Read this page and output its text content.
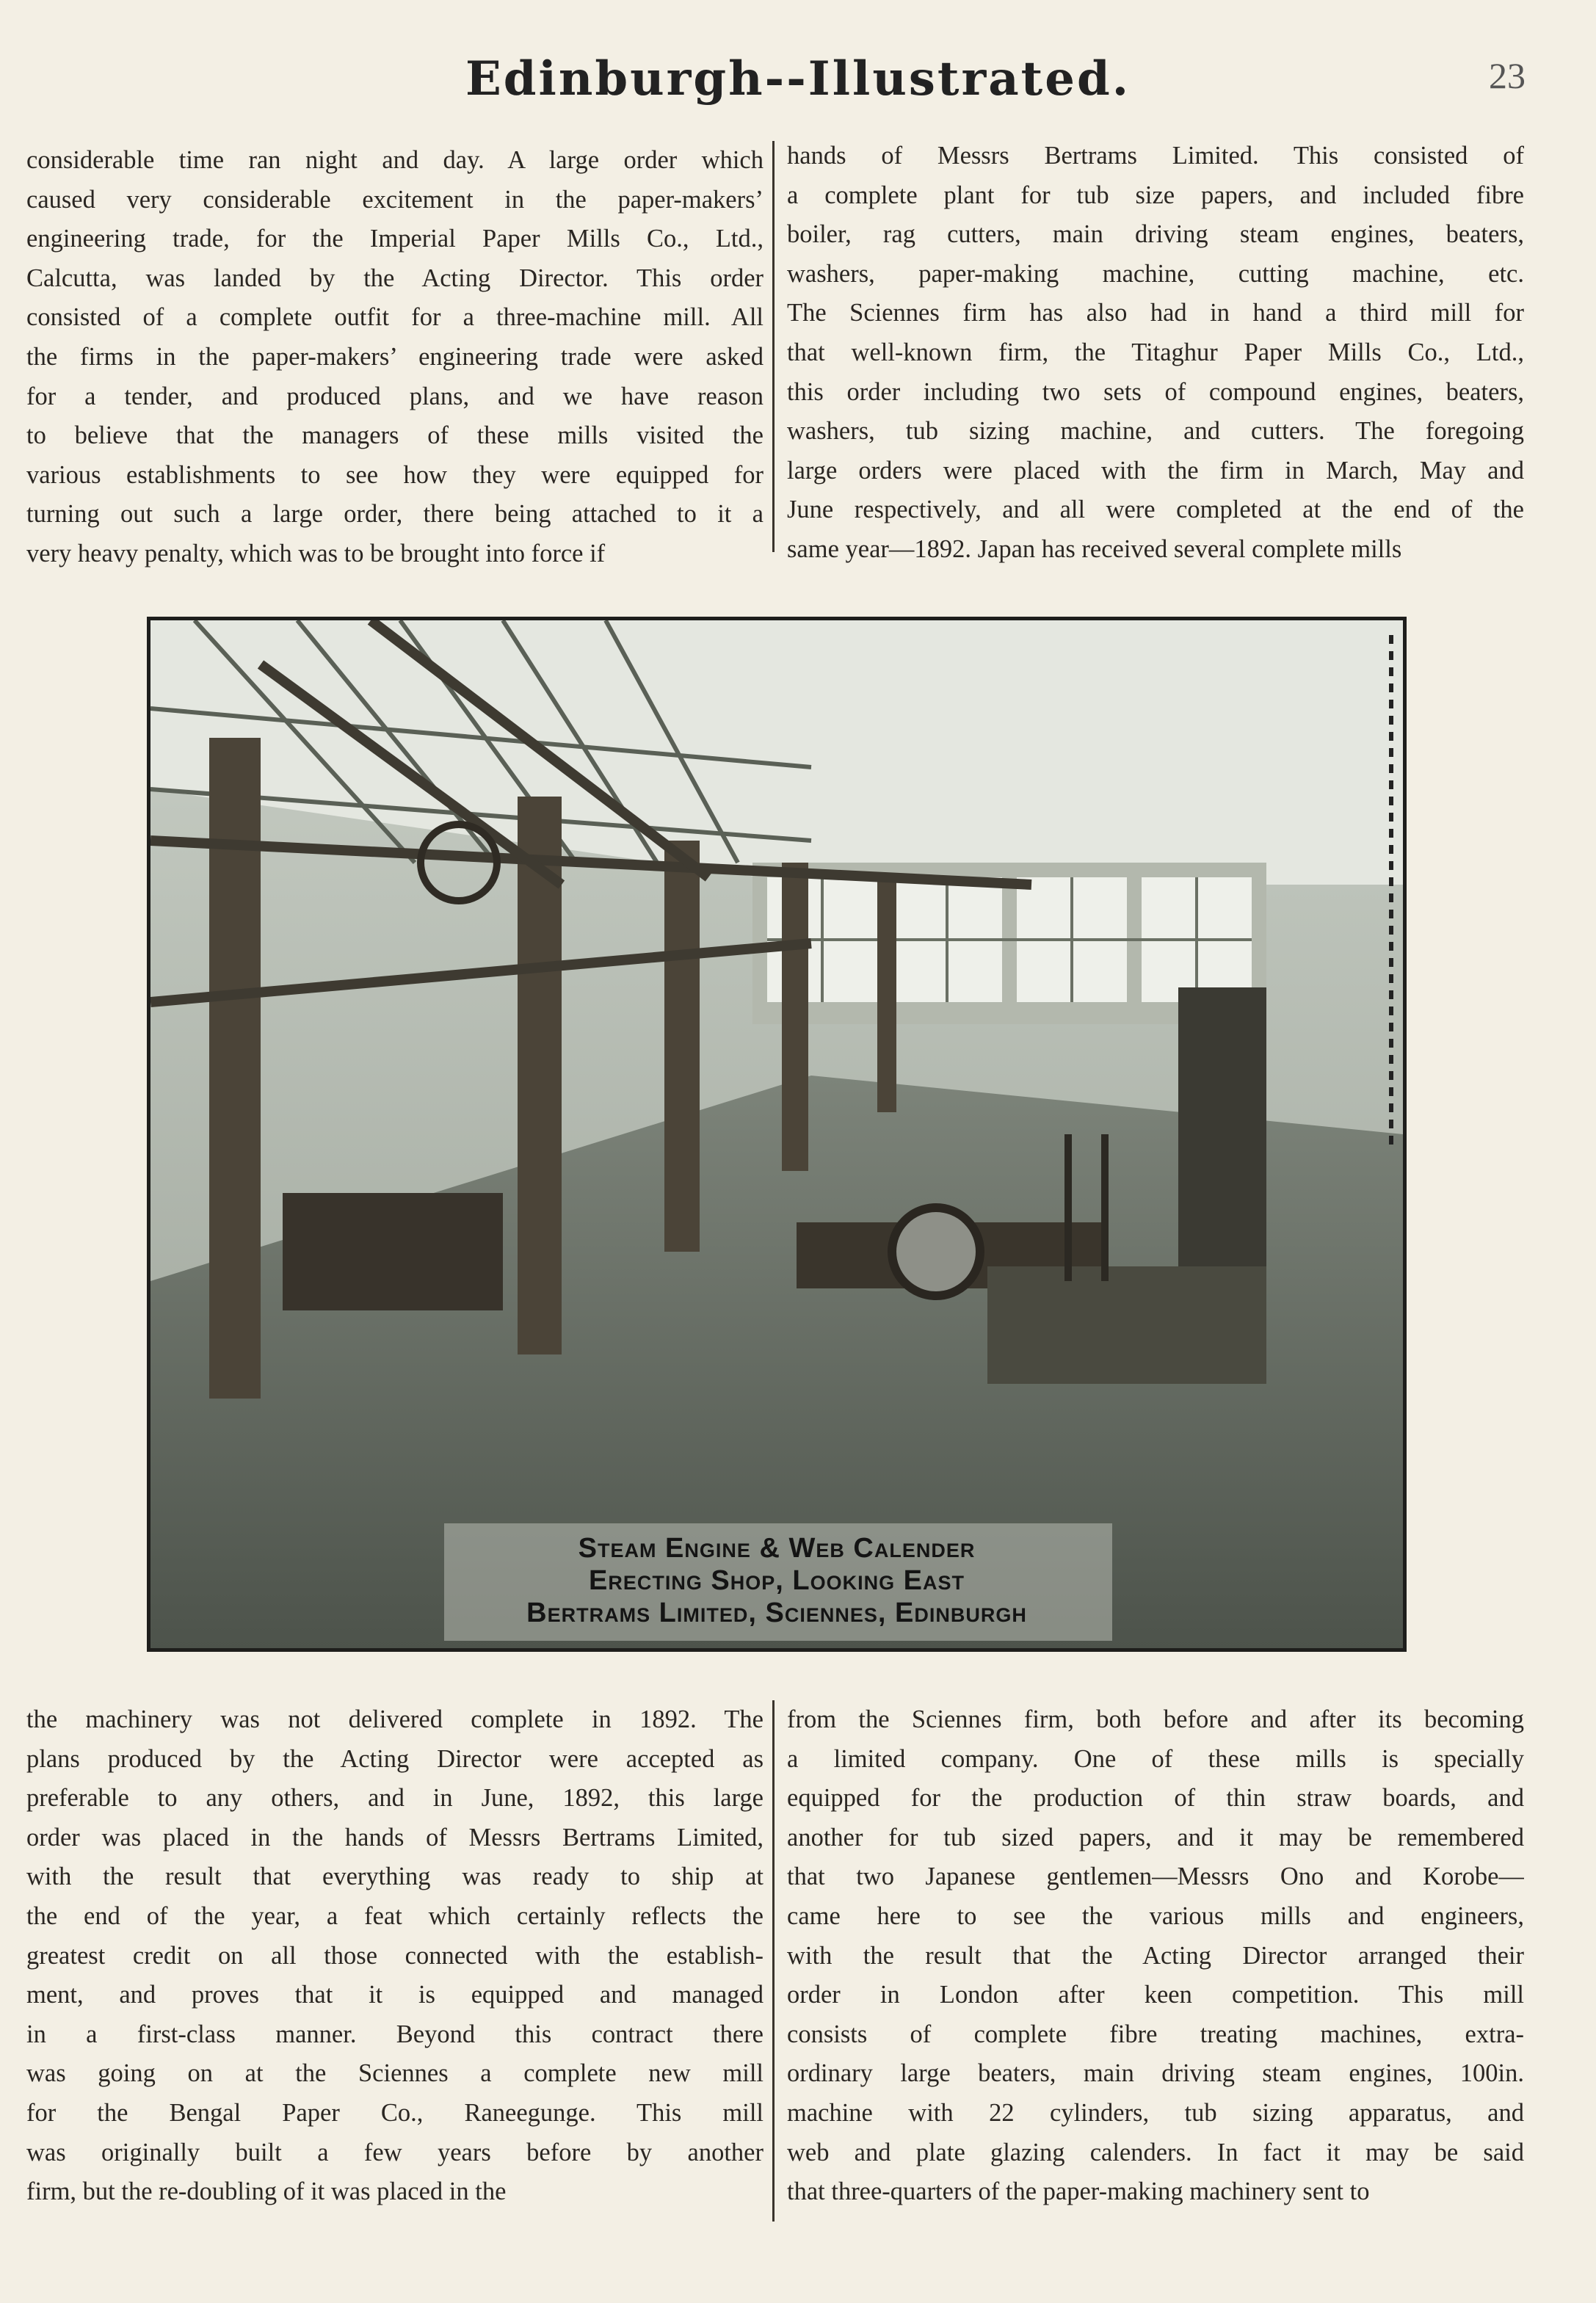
Edinburgh--Illustrated.	23
considerable time ran night and day. A large order which
caused very considerable excitement in the paper-makers’
engineering trade, for the Imperial Paper Mills Co., Ltd.,
Calcutta, was landed by the Acting Director. This order
consisted of a complete outfit for a three-machine mill. All
the firms in the paper-makers’ engineering trade were asked
for a tender, and produced plans, and we have reason
to believe that the managers of these mills visited the
various establishments to see how they were equipped for
turning out such a large order, there being attached to it a
very heavy penalty, which was to be brought into force if
hands of Messrs Bertrams Limited. This consisted of
a complete plant for tub size papers, and included fibre
boiler, rag cutters, main driving steam engines, beaters,
washers, paper-making machine, cutting machine, etc.
The Sciennes firm has also had in hand a third mill for
that well-known firm, the Titaghur Paper Mills Co., Ltd.,
this order including two sets of compound engines, beaters,
washers, tub sizing machine, and cutters. The foregoing
large orders were placed with the firm in March, May and
June respectively, and all were completed at the end of the
same year—1892. Japan has received several complete mills
Steam Engine & Web Calender
Erecting Shop, Looking East
Bertrams Limited, Sciennes, Edinburgh
the machinery was not delivered complete in 1892. The
plans produced by the Acting Director were accepted as
preferable to any others, and in June, 1892, this large
order was placed in the hands of Messrs Bertrams Limited,
with the result that everything was ready to ship at
the end of the year, a feat which certainly reflects the
greatest credit on all those connected with the establish-
ment, and proves that it is equipped and managed
in a first-class manner. Beyond this contract there
was going on at the Sciennes a complete new mill
for the Bengal Paper Co., Raneegunge. This mill
was originally built a few years before by another
firm, but the re-doubling of it was placed in the
from the Sciennes firm, both before and after its becoming
a limited company. One of these mills is specially
equipped for the production of thin straw boards, and
another for tub sized papers, and it may be remembered
that two Japanese gentlemen—Messrs Ono and Korobe—
came here to see the various mills and engineers,
with the result that the Acting Director arranged their
order in London after keen competition. This mill
consists of complete fibre treating machines, extra-
ordinary large beaters, main driving steam engines, 100in.
machine with 22 cylinders, tub sizing apparatus, and
web and plate glazing calenders. In fact it may be said
that three-quarters of the paper-making machinery sent to
